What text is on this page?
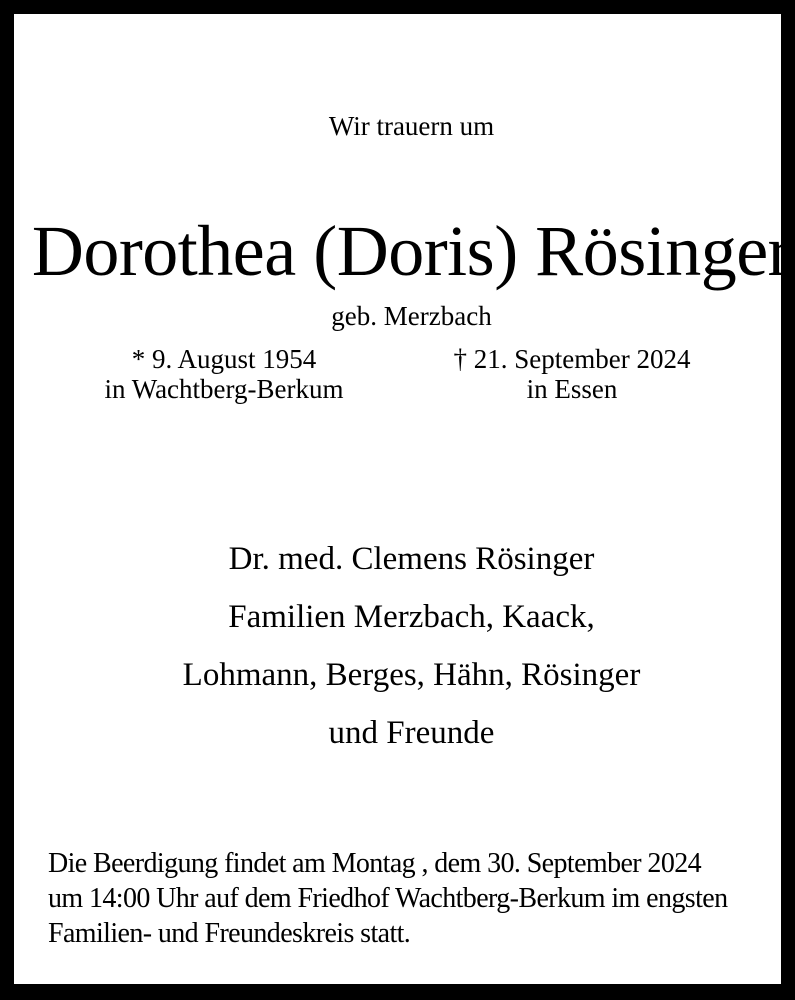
Wir trauern um
Dorothea (Doris) Rösinger
geb. Merzbach
* 9. August 1954
in Wachtberg-Berkum
† 21. September 2024
in Essen
Dr. med. Clemens Rösinger
Familien Merzbach, Kaack,
Lohmann, Berges, Hähn, Rösinger
und Freunde
Die Beerdigung findet am Montag , dem 30. September 2024
um 14:00 Uhr auf dem Friedhof Wachtberg-Berkum im engsten
Familien- und Freundeskreis statt.
